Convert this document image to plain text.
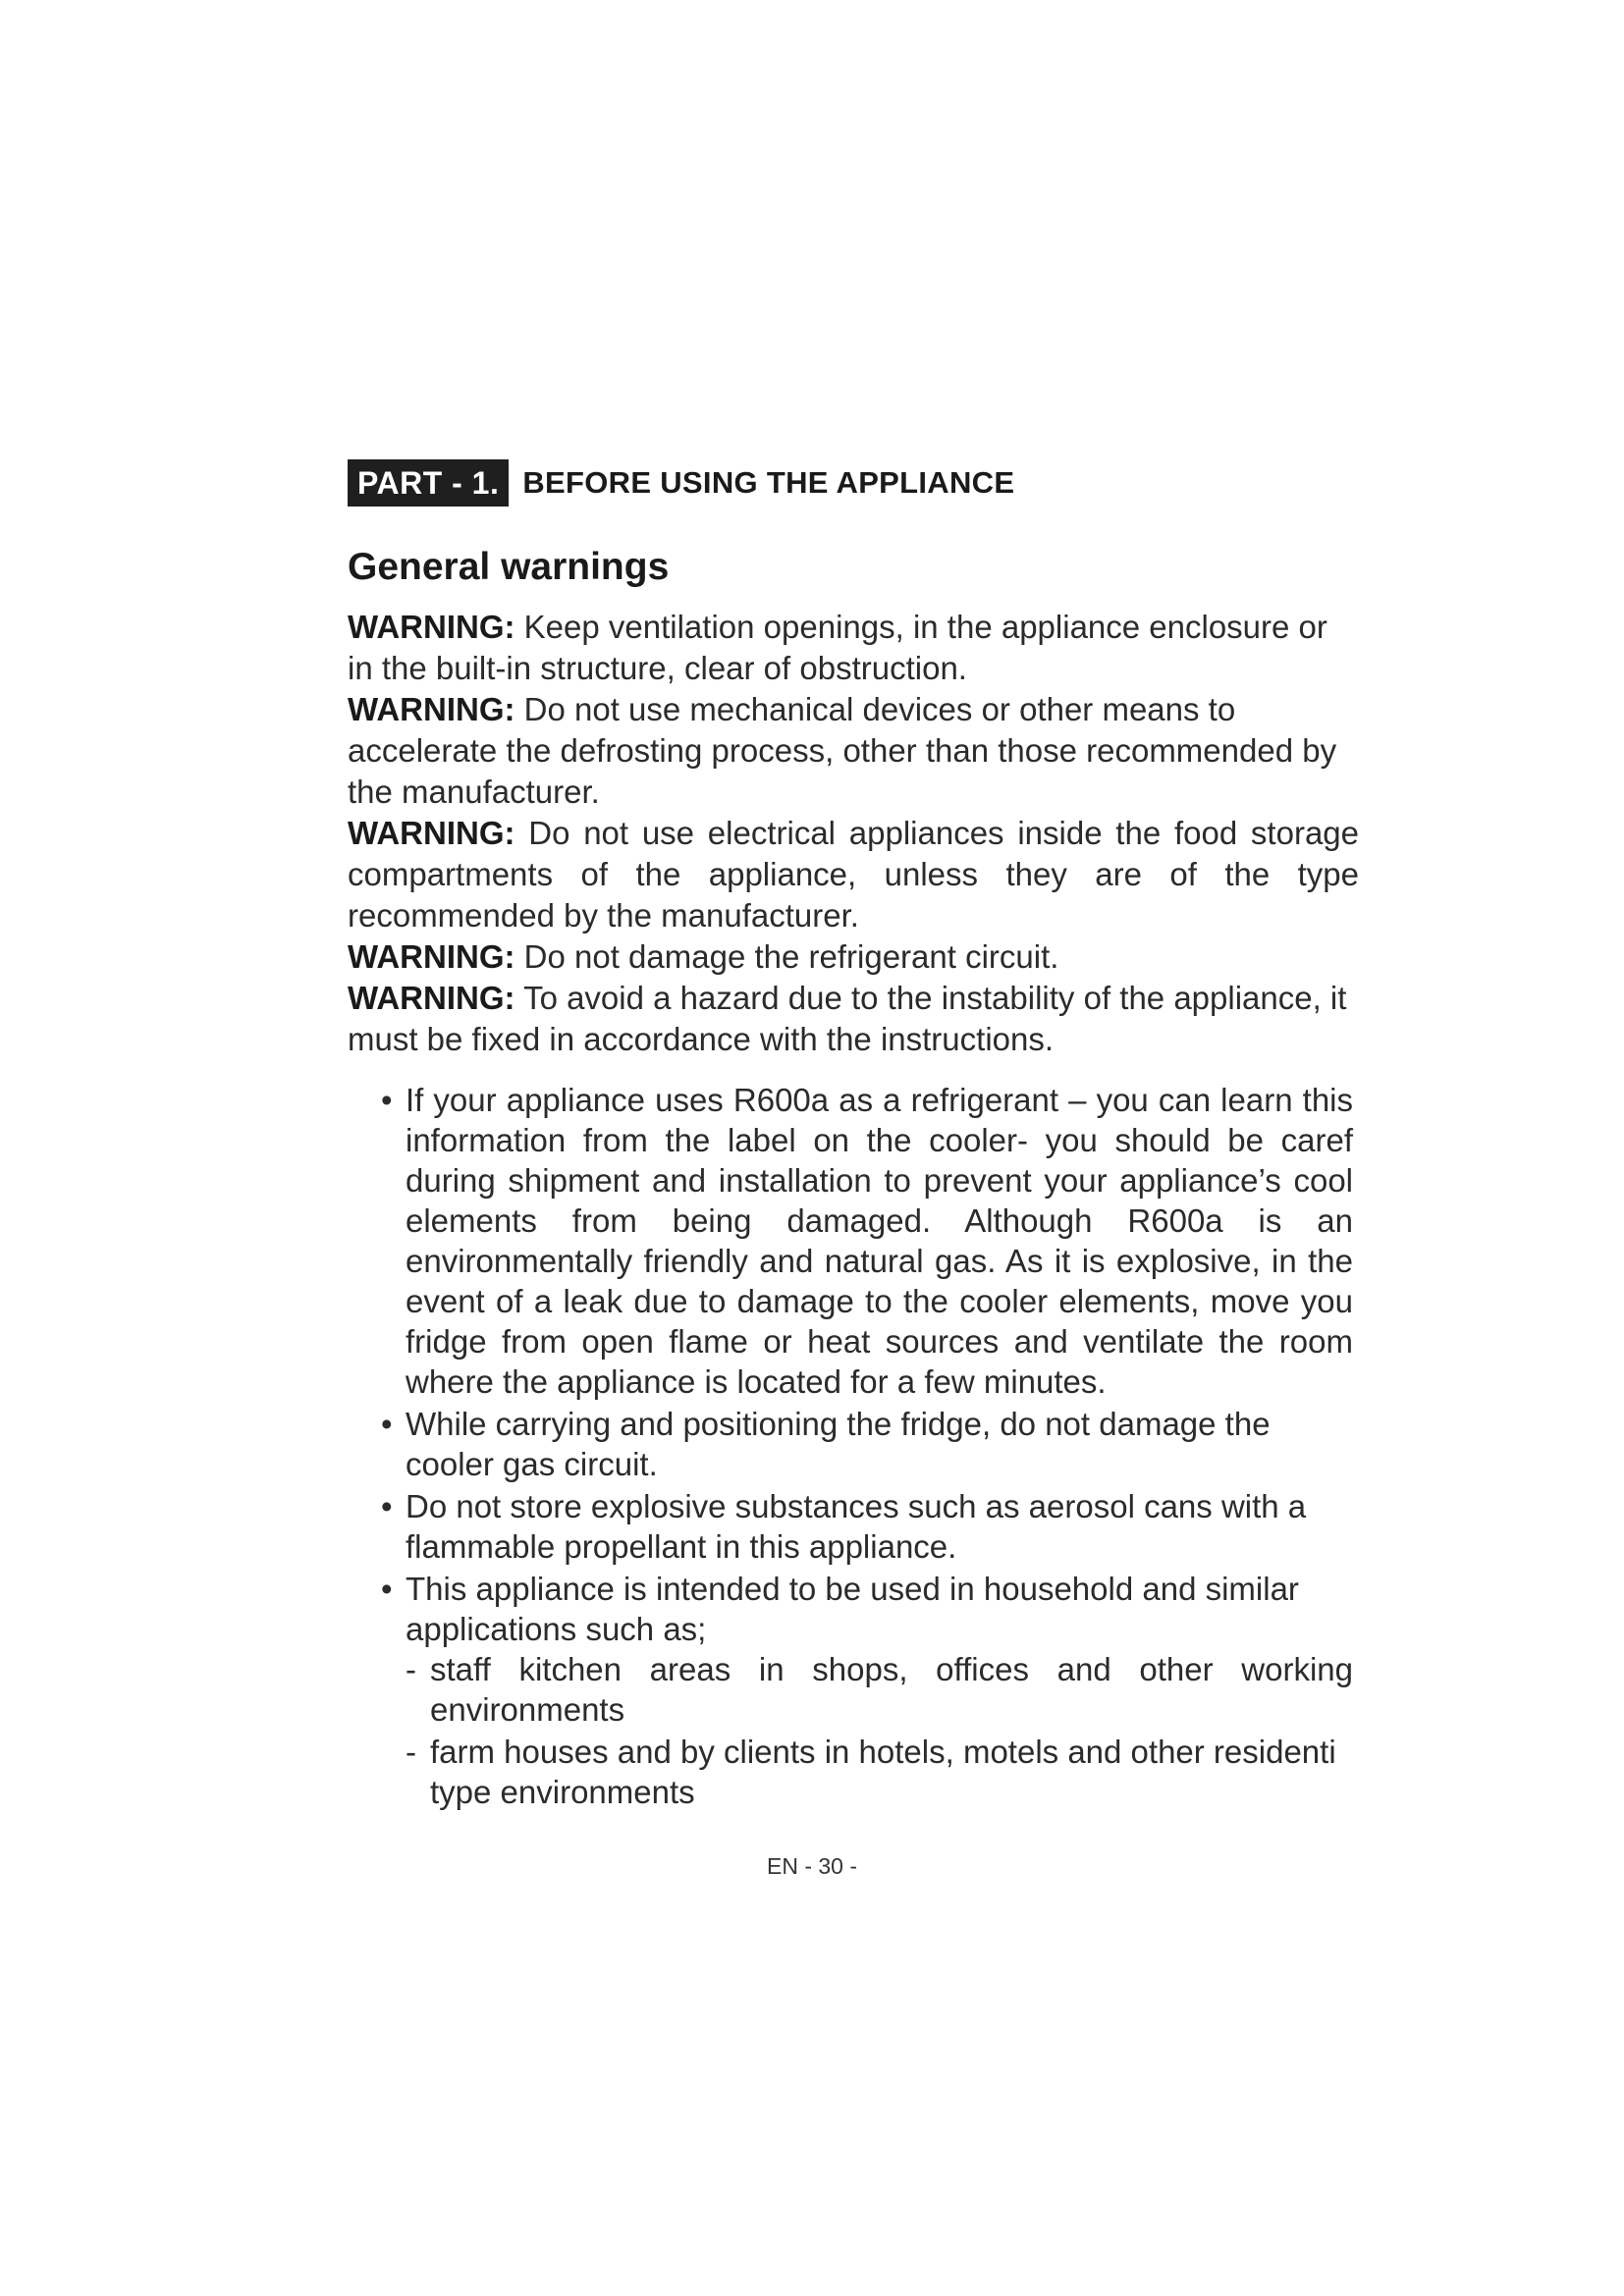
PART - 1. BEFORE USING THE APPLIANCE
General warnings

WARNING: Keep ventilation openings, in the appliance enclosure or in the built-in structure, clear of obstruction.

WARNING: Do not use mechanical devices or other means to accelerate the defrosting process, other than those recommended by the manufacturer.

WARNING: Do not use electrical appliances inside the food storage compartments of the appliance, unless they are of the type recommended by the manufacturer.

WARNING: Do not damage the refrigerant circuit.

WARNING: To avoid a hazard due to the instability of the appliance, it must be fixed in accordance with the instructions.

• If your appliance uses R600a as a refrigerant – you can learn this information from the label on the cooler- you should be caref during shipment and installation to prevent your appliance’s cool elements from being damaged. Although R600a is an environmentally friendly and natural gas. As it is explosive, in the event of a leak due to damage to the cooler elements, move you fridge from open flame or heat sources and ventilate the room where the appliance is located for a few minutes.
• While carrying and positioning the fridge, do not damage the cooler gas circuit.
• Do not store explosive substances such as aerosol cans with a flammable propellant in this appliance.
• This appliance is intended to be used in household and similar applications such as;
- staff kitchen areas in shops, offices and other working environments
- farm houses and by clients in hotels, motels and other residenti type environments
EN - 30 -
